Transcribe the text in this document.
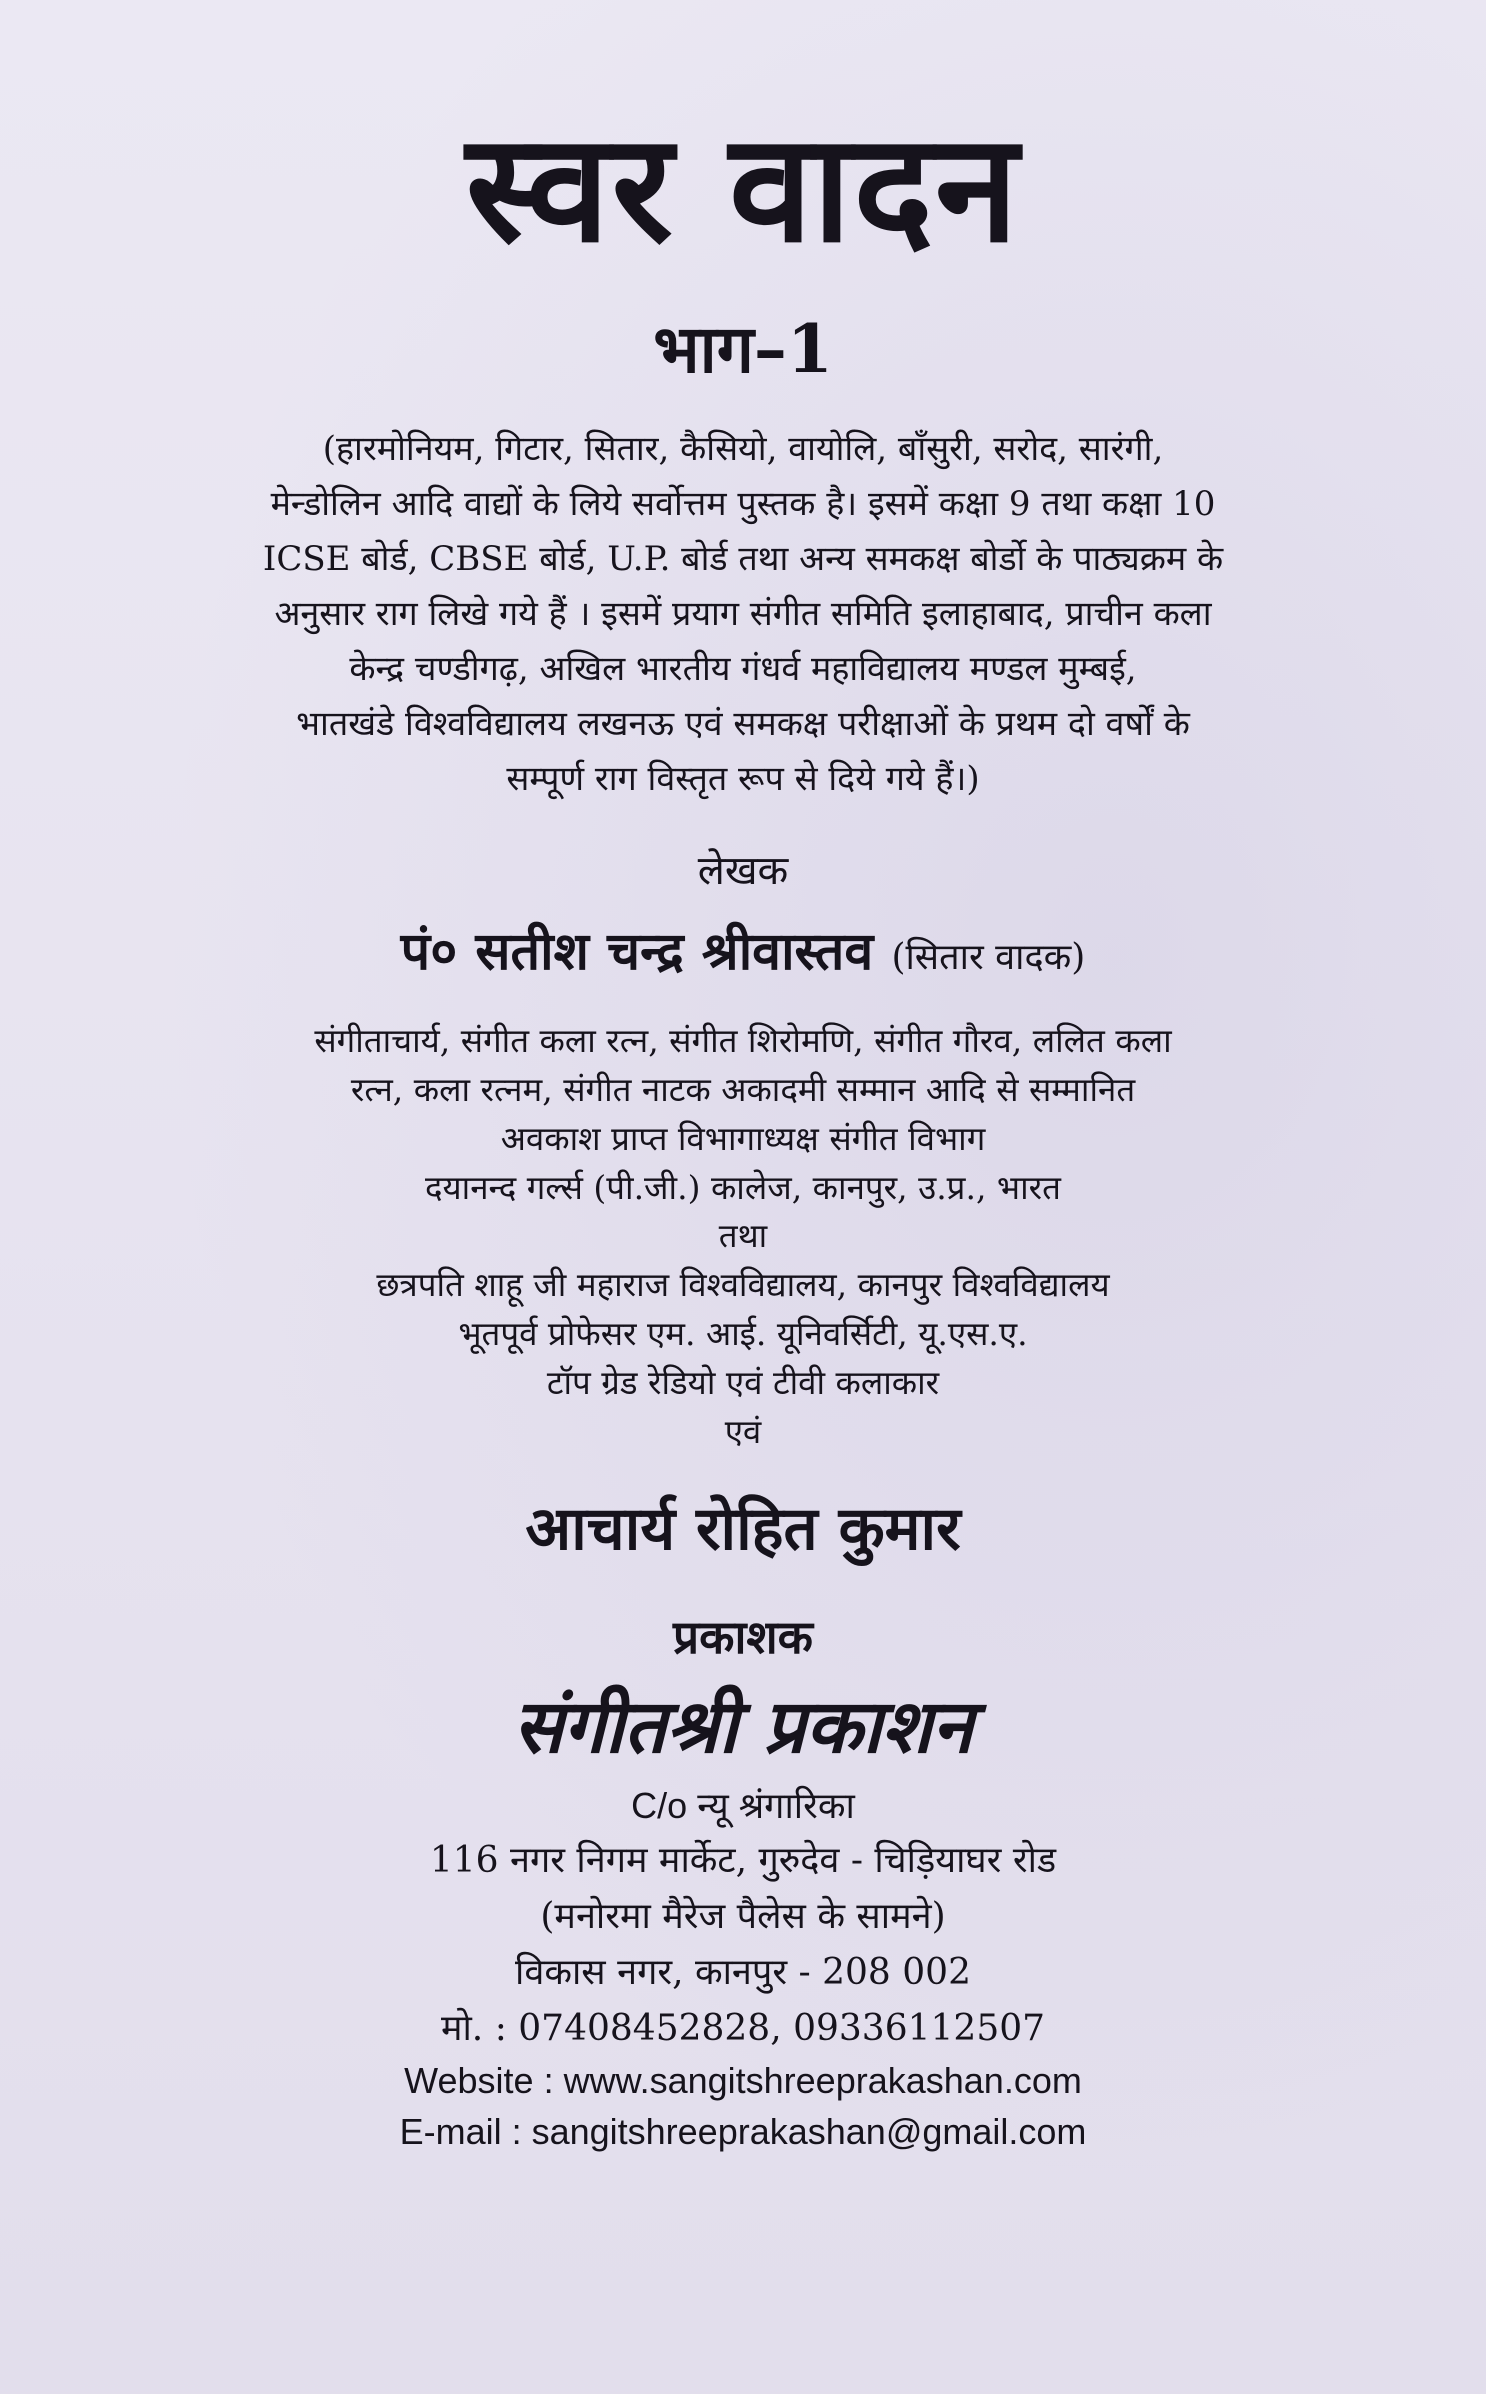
स्वर वादन
भाग–1

(हारमोनियम, गिटार, सितार, कैसियो, वायोलि, बाँसुरी, सरोद, सारंगी,

मेन्डोलिन आदि वाद्यों के लिये सर्वोत्तम पुस्तक है। इसमें कक्षा 9 तथा कक्षा 10

ICSE बोर्ड, CBSE बोर्ड, U.P. बोर्ड तथा अन्य समकक्ष बोर्डो के पाठ्यक्रम के

अनुसार राग लिखे गये हैं । इसमें प्रयाग संगीत समिति इलाहाबाद, प्राचीन कला

केन्द्र चण्डीगढ़, अखिल भारतीय गंधर्व महाविद्यालय मण्डल मुम्बई,

भातखंडे विश्वविद्यालय लखनऊ एवं समकक्ष परीक्षाओं के प्रथम दो वर्षों के

सम्पूर्ण राग विस्तृत रूप से दिये गये हैं।)

लेखक
पं० सतीश चन्द्र श्रीवास्तव (सितार वादक)

संगीताचार्य, संगीत कला रत्न, संगीत शिरोमणि, संगीत गौरव, ललित कला

रत्न, कला रत्नम, संगीत नाटक अकादमी सम्मान आदि से सम्मानित

अवकाश प्राप्त विभागाध्यक्ष संगीत विभाग

दयानन्द गर्ल्स (पी.जी.) कालेज, कानपुर, उ.प्र., भारत

तथा

छत्रपति शाहू जी महाराज विश्वविद्यालय, कानपुर विश्वविद्यालय

भूतपूर्व प्रोफेसर एम. आई. यूनिवर्सिटी, यू.एस.ए.

टॉप ग्रेड रेडियो एवं टीवी कलाकार

एवं

आचार्य रोहित कुमार
प्रकाशक
संगीतश्री प्रकाशन

C/o न्यू श्रंगारिका

116 नगर निगम मार्केट, गुरुदेव - चिड़ियाघर रोड

(मनोरमा मैरेज पैलेस के सामने)

विकास नगर, कानपुर - 208 002

मो. : 07408452828, 09336112507

Website : www.sangitshreeprakashan.com

E-mail : sangitshreeprakashan@gmail.com
